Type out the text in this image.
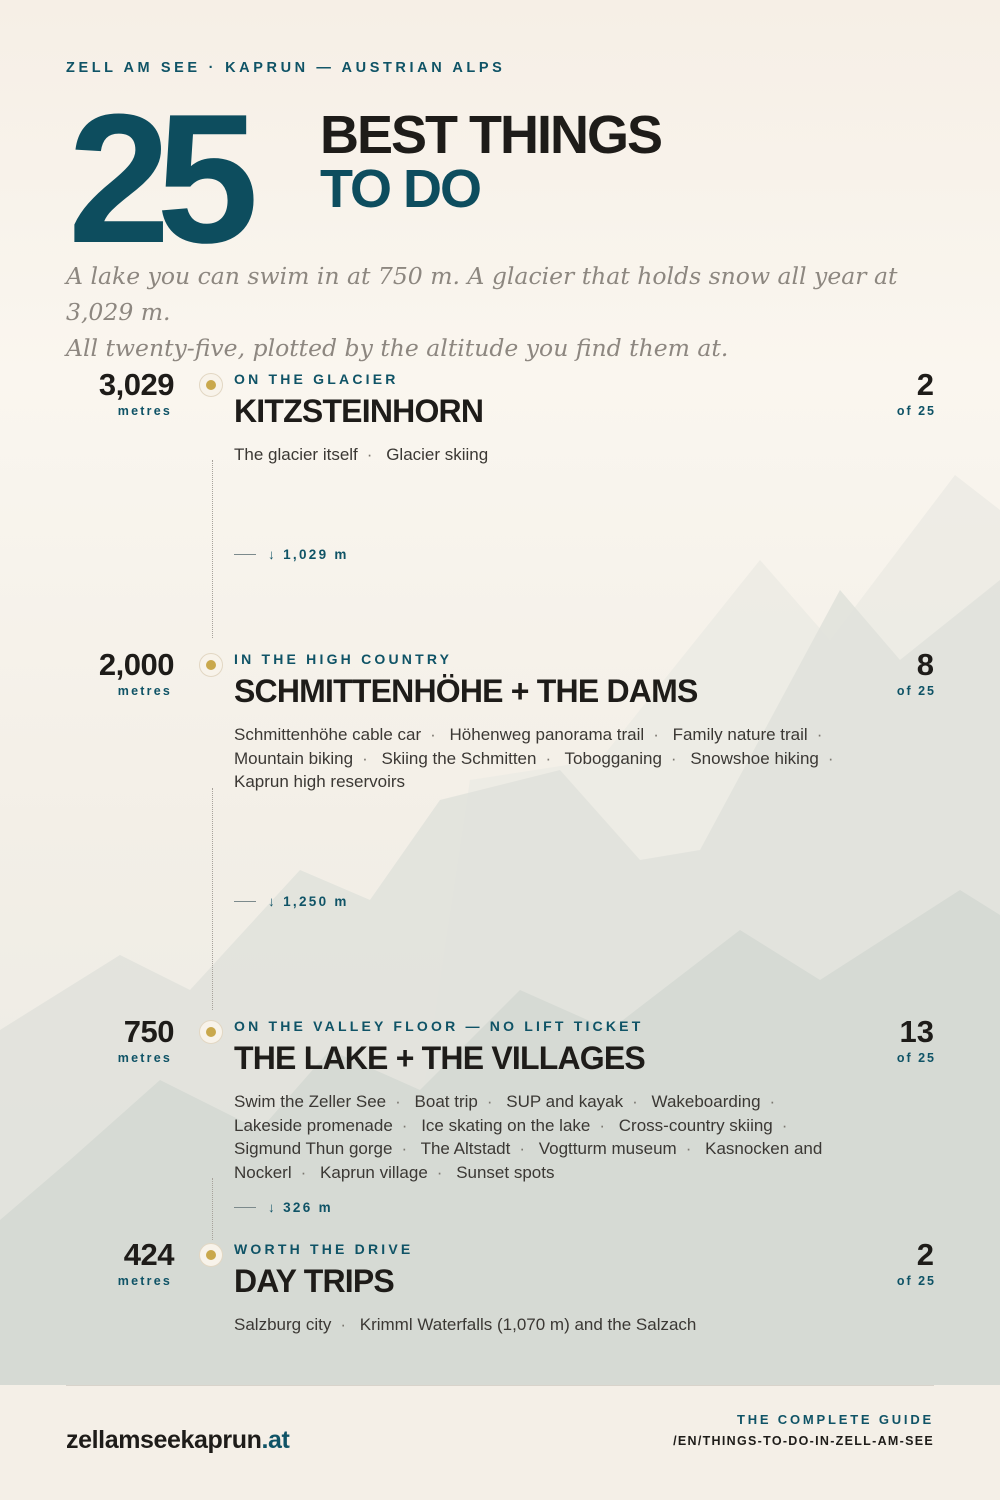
ZELL AM SEE · KAPRUN — AUSTRIAN ALPS
25 BEST THINGS
TO DO

A lake you can swim in at 750 m. A glacier that holds snow all year at 3,029 m.

All twenty-five, plotted by the altitude you find them at.

3,029
metres
ON THE GLACIER
KITZSTEINHORN
The glacier itself · Glacier skiing
2
of 25
↓ 1,029 m
2,000
metres
IN THE HIGH COUNTRY
SCHMITTENHÖHE + THE DAMS
Schmittenhöhe cable car · Höhenweg panorama trail · Family nature trail · Mountain biking · Skiing the Schmitten · Tobogganing · Snowshoe hiking · Kaprun high reservoirs
8
of 25
↓ 1,250 m
750
metres
ON THE VALLEY FLOOR — NO LIFT TICKET
THE LAKE + THE VILLAGES
Swim the Zeller See · Boat trip · SUP and kayak · Wakeboarding · Lakeside promenade · Ice skating on the lake · Cross-country skiing · Sigmund Thun gorge · The Altstadt · Vogtturm museum · Kasnocken and Nockerl · Kaprun village · Sunset spots
13
of 25
↓ 326 m
424
metres
WORTH THE DRIVE
DAY TRIPS
Salzburg city · Krimml Waterfalls (1,070 m) and the Salzach
2
of 25
zellamseekaprun.at
THE COMPLETE GUIDE
/EN/THINGS-TO-DO-IN-ZELL-AM-SEE
